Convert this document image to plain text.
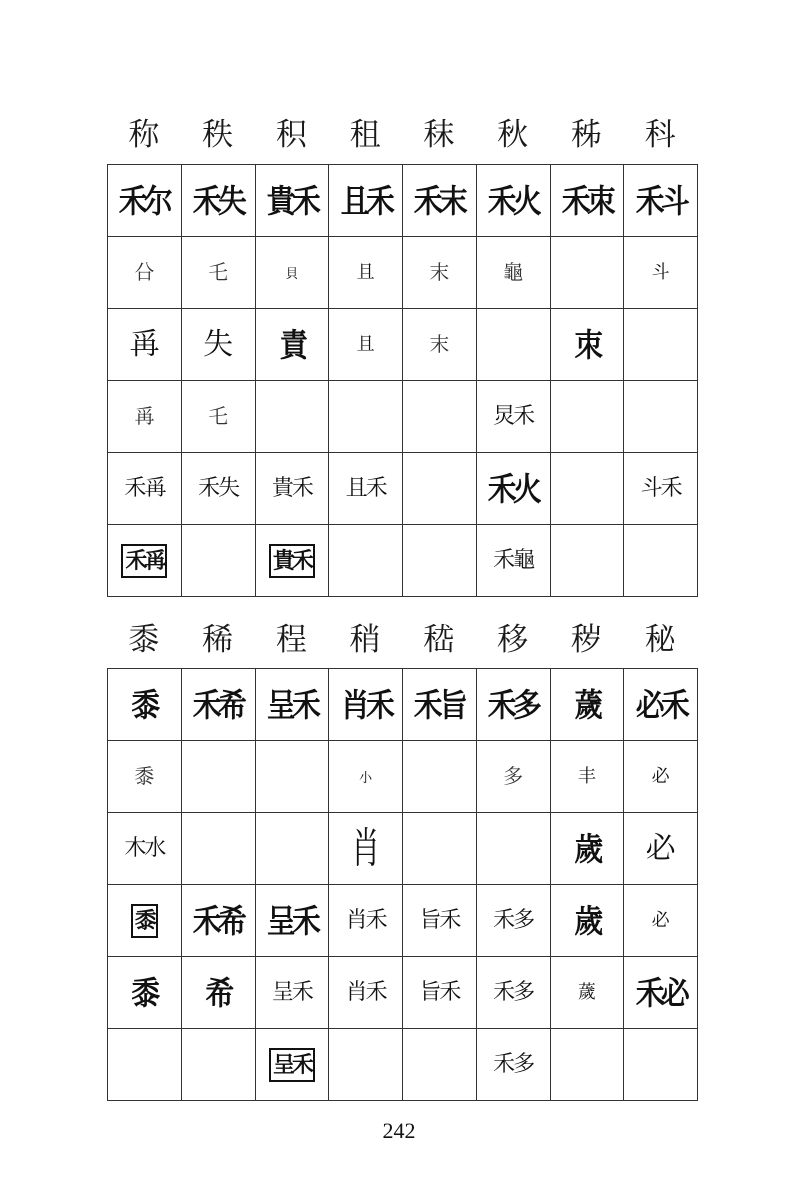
称	秩	积	租	秣	秋	秭	科
禾尔	禾失	貴禾	且禾	禾末	禾火	禾朿	禾斗
㕣	乇	貝	且	末	龜		斗
爯	失	責	且	末		朿	
爯	乇				炅禾		
禾爯	禾失	貴禾	且禾		禾火		斗禾
禾爯		貴禾			禾龜		
黍	稀	程	稍	嵇	移	秽	秘
黍	禾希	呈禾	肖禾	禾旨	禾多	薉	必禾
黍			小		多	丰	必
木水			肖			歲	必
黍	禾希	呈禾	肖禾	旨禾	禾多	歲	必
黍	希	呈禾	肖禾	旨禾	禾多	薉	禾必
		呈禾			禾多		
242
